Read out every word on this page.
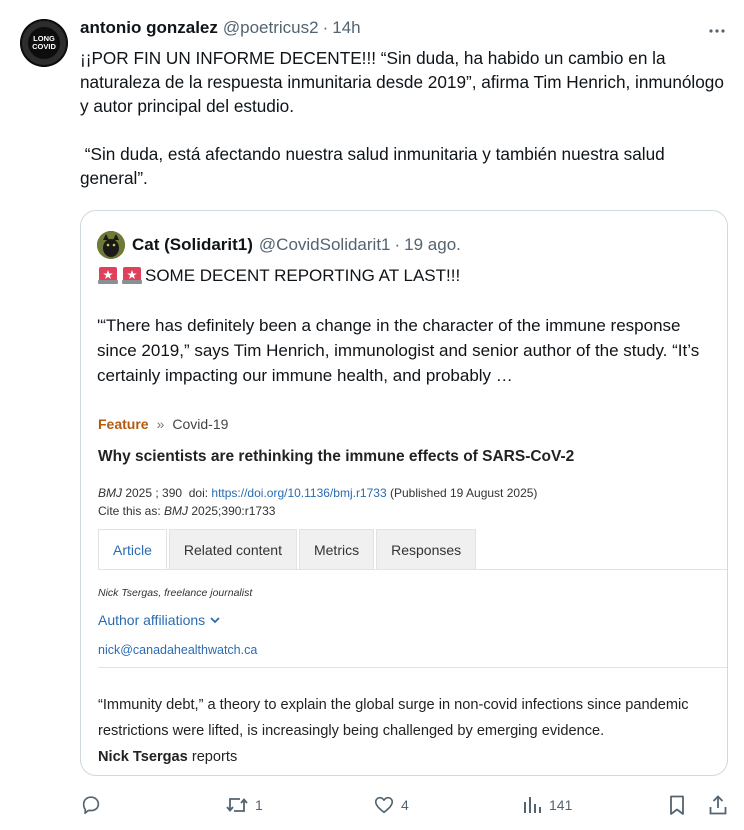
LONG
COVID
antonio gonzalez @poetricus2 · 14h

¡¡POR FIN UN INFORME DECENTE!!! “Sin duda, ha habido un cambio en la naturaleza de la respuesta inmunitaria desde 2019”, afirma Tim Henrich, inmunólogo y autor principal del estudio.

“Sin duda, está afectando nuestra salud inmunitaria y también nuestra salud general”.

Cat (Solidarit1) @CovidSolidarit1 · 19 ago.
SOME DECENT REPORTING AT LAST!!!
'“There has definitely been a change in the character of the immune response since 2019,” says Tim Henrich, immunologist and senior author of the study. “It’s certainly impacting our immune health, and probably …
Feature » Covid-19
Why scientists are rethinking the immune effects of SARS-CoV-2
BMJ 2025 ; 390  doi: https://doi.org/10.1136/bmj.r1733 (Published 19 August 2025)
Cite this as: BMJ 2025;390:r1733
Article	Related content	Metrics	Responses
Nick Tsergas, freelance journalist
Author affiliations
nick@canadahealthwatch.ca
“Immunity debt,” a theory to explain the global surge in non-covid infections since pandemic restrictions were lifted, is increasingly being challenged by emerging evidence.
Nick Tsergas reports
1	4	141
